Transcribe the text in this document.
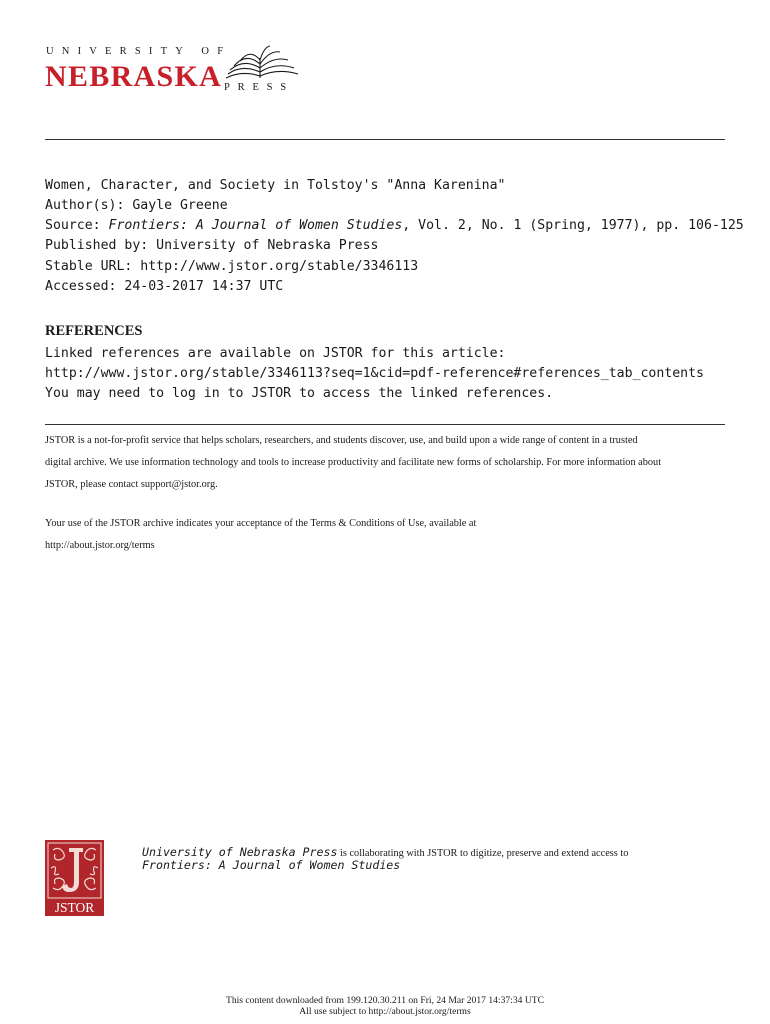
UNIVERSITY OF
NEBRASKA PRESS
Women, Character, and Society in Tolstoy's "Anna Karenina"
Author(s): Gayle Greene
Source: Frontiers: A Journal of Women Studies, Vol. 2, No. 1 (Spring, 1977), pp. 106-125
Published by: University of Nebraska Press
Stable URL: http://www.jstor.org/stable/3346113
Accessed: 24-03-2017 14:37 UTC
REFERENCES
Linked references are available on JSTOR for this article:
http://www.jstor.org/stable/3346113?seq=1&cid=pdf-reference#references_tab_contents
You may need to log in to JSTOR to access the linked references.
JSTOR is a not-for-profit service that helps scholars, researchers, and students discover, use, and build upon a wide range of content in a trusted
digital archive. We use information technology and tools to increase productivity and facilitate new forms of scholarship. For more information about
JSTOR, please contact support@jstor.org.
Your use of the JSTOR archive indicates your acceptance of the Terms & Conditions of Use, available at
http://about.jstor.org/terms
JSTOR
University of Nebraska Press is collaborating with JSTOR to digitize, preserve and extend access to
Frontiers: A Journal of Women Studies
This content downloaded from 199.120.30.211 on Fri, 24 Mar 2017 14:37:34 UTC
All use subject to http://about.jstor.org/terms
